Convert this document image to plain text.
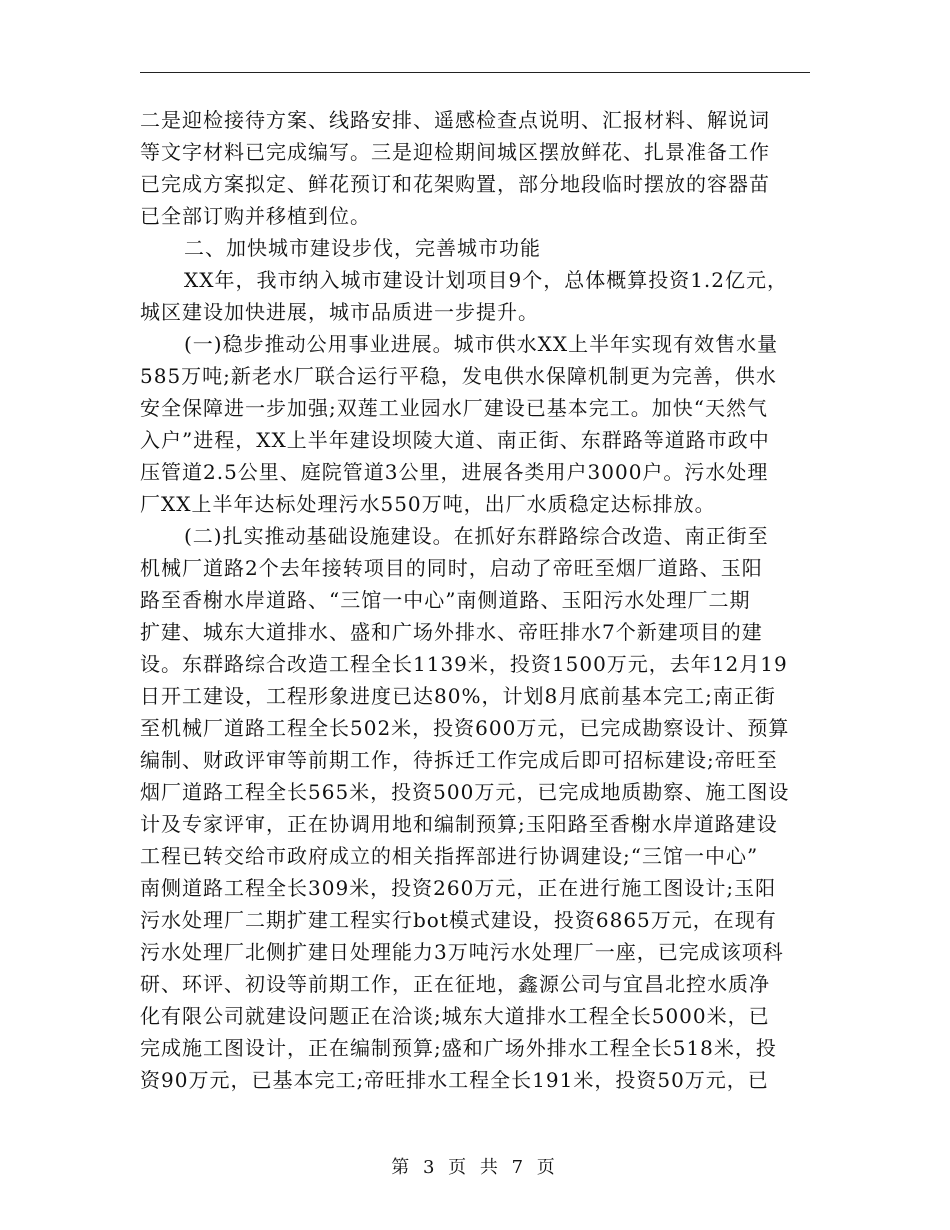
二是迎检接待方案、线路安排、遥感检查点说明、汇报材料、解说词
等文字材料已完成编写。三是迎检期间城区摆放鲜花、扎景准备工作
已完成方案拟定、鲜花预订和花架购置，部分地段临时摆放的容器苗
已全部订购并移植到位。
二、加快城市建设步伐，完善城市功能
XX年，我市纳入城市建设计划项目9个，总体概算投资1.2亿元，
城区建设加快进展，城市品质进一步提升。
(一)稳步推动公用事业进展。城市供水XX上半年实现有效售水量
585万吨;新老水厂联合运行平稳，发电供水保障机制更为完善，供水
安全保障进一步加强;双莲工业园水厂建设已基本完工。加快“天然气
入户”进程，XX上半年建设坝陵大道、南正街、东群路等道路市政中
压管道2.5公里、庭院管道3公里，进展各类用户3000户。污水处理
厂XX上半年达标处理污水550万吨，出厂水质稳定达标排放。
(二)扎实推动基础设施建设。在抓好东群路综合改造、南正街至
机械厂道路2个去年接转项目的同时，启动了帝旺至烟厂道路、玉阳
路至香榭水岸道路、“三馆一中心”南侧道路、玉阳污水处理厂二期
扩建、城东大道排水、盛和广场外排水、帝旺排水7个新建项目的建
设。东群路综合改造工程全长1139米，投资1500万元，去年12月19
日开工建设，工程形象进度已达80%，计划8月底前基本完工;南正街
至机械厂道路工程全长502米，投资600万元，已完成勘察设计、预算
编制、财政评审等前期工作，待拆迁工作完成后即可招标建设;帝旺至
烟厂道路工程全长565米，投资500万元，已完成地质勘察、施工图设
计及专家评审，正在协调用地和编制预算;玉阳路至香榭水岸道路建设
工程已转交给市政府成立的相关指挥部进行协调建设;“三馆一中心”
南侧道路工程全长309米，投资260万元，正在进行施工图设计;玉阳
污水处理厂二期扩建工程实行bot模式建设，投资6865万元，在现有
污水处理厂北侧扩建日处理能力3万吨污水处理厂一座，已完成该项科
研、环评、初设等前期工作，正在征地，鑫源公司与宜昌北控水质净
化有限公司就建设问题正在洽谈;城东大道排水工程全长5000米，已
完成施工图设计，正在编制预算;盛和广场外排水工程全长518米，投
资90万元，已基本完工;帝旺排水工程全长191米，投资50万元，已
第 3 页 共 7 页
